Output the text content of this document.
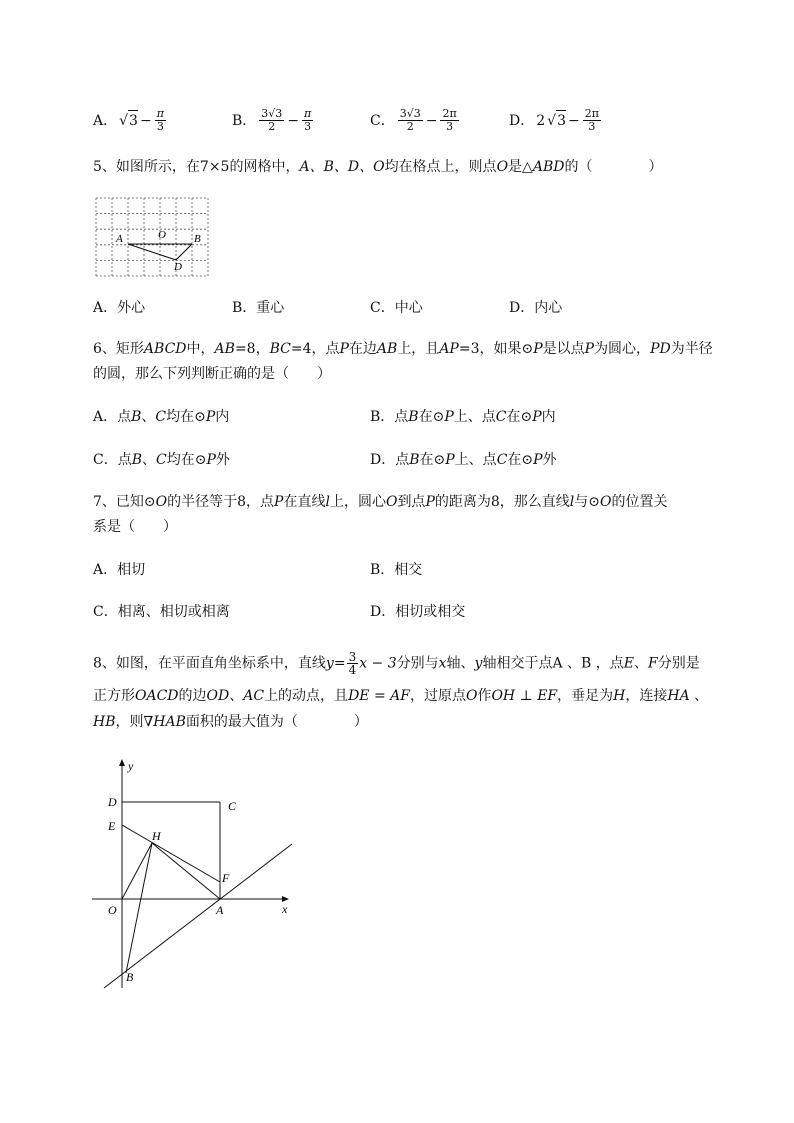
A． $√3 - \frac{\pi}{3}$	B． $\frac{3√3}{2} - \frac{\pi}{3}$	C． $\frac{3√3}{2} - \frac{2\pi}{3}$	D． 2 $√3 - \frac{2\pi}{3}$
5、如图所示，在7×5的网格中，A、B、D、O均在格点上，则点O是△ABD的（　　　　）
A	O	B
D
A．外心	B．重心	C．中心	D．内心
6、矩形ABCD中，AB=8，BC=4，点P在边AB上，且AP=3，如果⊙P是以点P为圆心，PD为半径
的圆，那么下列判断正确的是（　　）
A．点B、C均在⊙P内	B．点B在⊙P上、点C在⊙P内
C．点B、C均在⊙P外	D．点B在⊙P上、点C在⊙P外
7、已知⊙O的半径等于8，点P在直线l上，圆心O到点P的距离为8，那么直线l与⊙O的位置关
系是（　　）
A．相切	B．相交
C．相离、相切或相离	D．相切或相交
8、如图，在平面直角坐标系中，直线$y= \frac{3}{4}$ x − 3分别与x轴、y轴相交于点A 、B ，点E、F分别是
正方形OACD的边OD、AC上的动点，且DE = AF，过原点O作OH ⊥ EF，垂足为H，连接HA 、
HB，则∇HAB面积的最大值为（　　　　）
y
x
D	C
E
H
F
O	A
B
